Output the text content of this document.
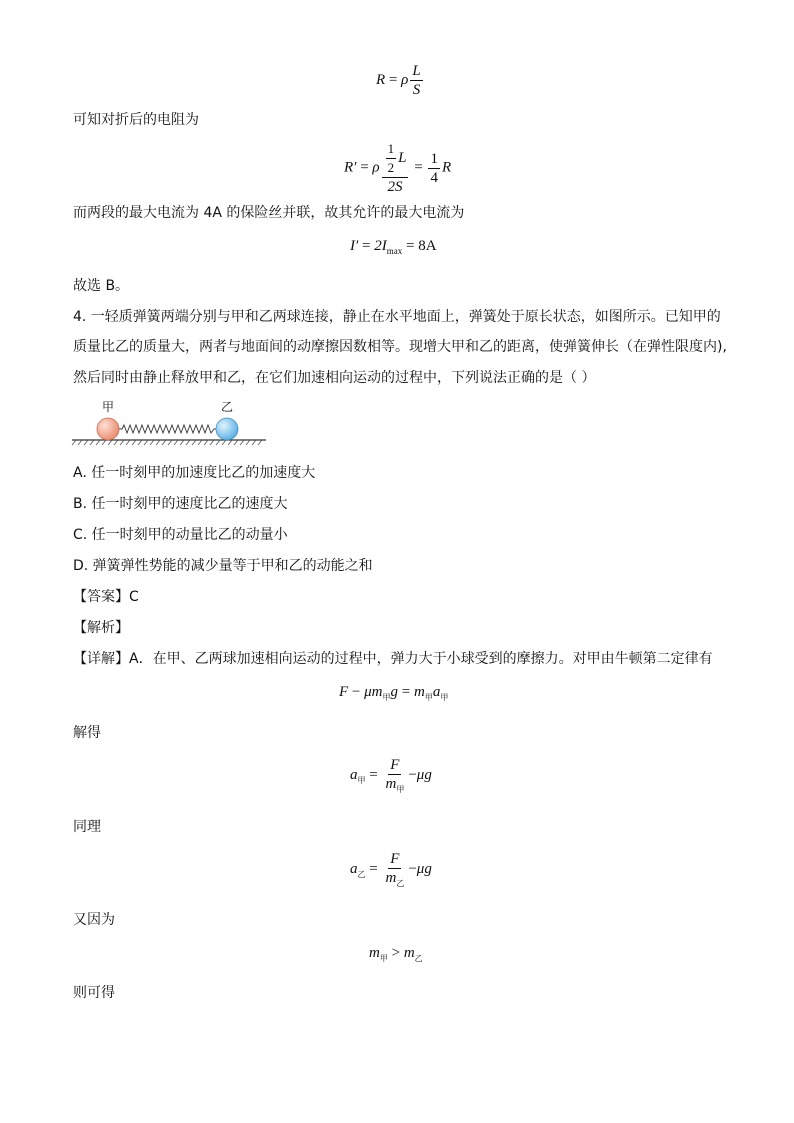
R = ρ $\frac{L}{S}$
可知对折后的电阻为
R′ = ρ $\frac{\frac{1}{2} L}{2S} = \frac{1}{4}$ R
而两段的最大电流为 4A 的保险丝并联，故其允许的最大电流为
$I' = 2I_{max} = 8A$
故选 B。
4. 一轻质弹簧两端分别与甲和乙两球连接，静止在水平地面上，弹簧处于原长状态，如图所示。已知甲的
质量比乙的质量大，两者与地面间的动摩擦因数相等。现增大甲和乙的距离，使弹簧伸长（在弹性限度内),
然后同时由静止释放甲和乙，在它们加速相向运动的过程中，下列说法正确的是（ ）
甲	乙
A. 任一时刻甲的加速度比乙的加速度大
B. 任一时刻甲的速度比乙的速度大
C. 任一时刻甲的动量比乙的动量小
D. 弹簧弹性势能的减少量等于甲和乙的动能之和
【答案】C
【解析】
【详解】A．在甲、乙两球加速相向运动的过程中，弹力大于小球受到的摩擦力。对甲由牛顿第二定律有
$F - \mu m_甲g = m_甲a_甲$
解得
$a_甲 = \frac{F}{m_甲} -\mu g$
同理
$a_乙 = \frac{F}{m_乙} -\mu g$
又因为
$m_甲 > m_乙$
则可得
